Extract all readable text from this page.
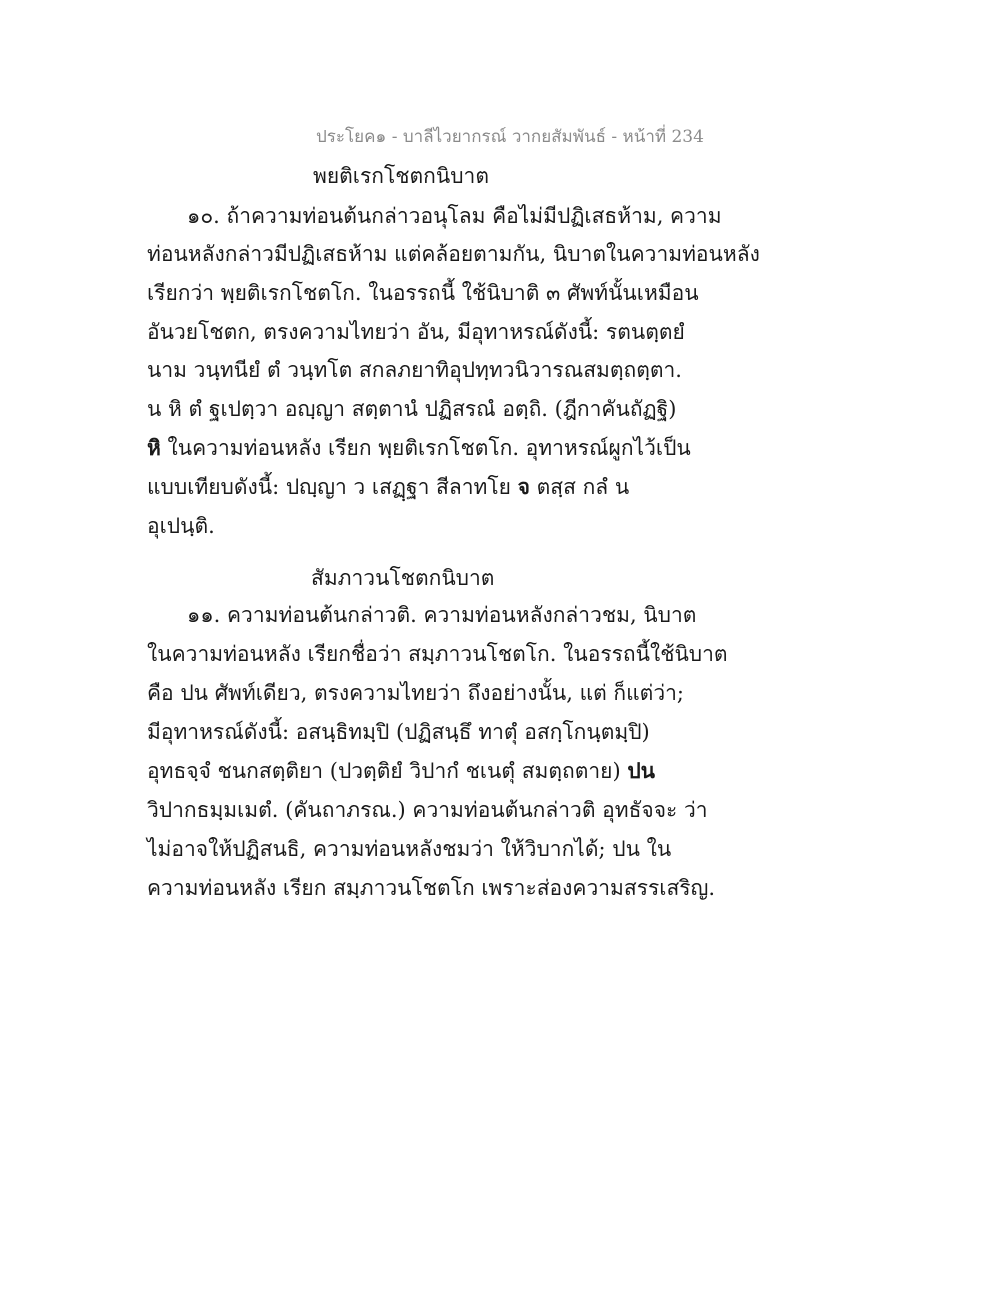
ประโยค๑ - บาลีไวยากรณ์ วากยสัมพันธ์ - หน้าที่ 234
พยติเรกโชตกนิบาต
๑๐. ถ้าความท่อนต้นกล่าวอนุโลม คือไม่มีปฏิเสธห้าม, ความ
ท่อนหลังกล่าวมีปฏิเสธห้าม แต่คล้อยตามกัน, นิบาตในความท่อนหลัง
เรียกว่า พฺยติเรกโชตโก. ในอรรถนี้ ใช้นิบาติ ๓ ศัพท์นั้นเหมือน
อันวยโชตก, ตรงความไทยว่า อัน, มีอุทาหรณ์ดังนี้: รตนตฺตยํ
นาม วนฺทนียํ ตํ วนฺทโต สกลภยาทิอุปทฺทวนิวารณสมตฺถตฺตา.
น หิ ตํ ฐเปตฺวา อญฺญา สตฺตานํ ปฏิสรณํ อตฺถิ. (ฎีกาคันถัฏฐิ)
หิ ในความท่อนหลัง เรียก พฺยติเรกโชตโก. อุทาหรณ์ผูกไว้เป็น
แบบเทียบดังนี้: ปญฺญา ว เสฏฺฐา สีลาทโย จ ตสฺส กลํ น
อุเปนฺติ.
สัมภาวนโชตกนิบาต
๑๑. ความท่อนต้นกล่าวติ. ความท่อนหลังกล่าวชม, นิบาต
ในความท่อนหลัง เรียกชื่อว่า สมฺภาวนโชตโก. ในอรรถนี้ใช้นิบาต
คือ ปน ศัพท์เดียว, ตรงความไทยว่า ถึงอย่างนั้น, แต่ ก็แต่ว่า;
มีอุทาหรณ์ดังนี้: อสนฺธิทมฺปิ (ปฏิสนฺธึ ทาตุํ อสกฺโกนฺตมฺปิ)
อุทธจฺจํ ชนกสตฺติยา (ปวตฺติยํ วิปากํ ชเนตุํ สมตฺถตาย) ปน
วิปากธมฺมเมตํ. (คันถาภรณ.) ความท่อนต้นกล่าวติ อุทธัจจะ ว่า
ไม่อาจให้ปฏิสนธิ, ความท่อนหลังชมว่า ให้วิบากได้; ปน ใน
ความท่อนหลัง เรียก สมฺภาวนโชตโก เพราะส่องความสรรเสริญ.
